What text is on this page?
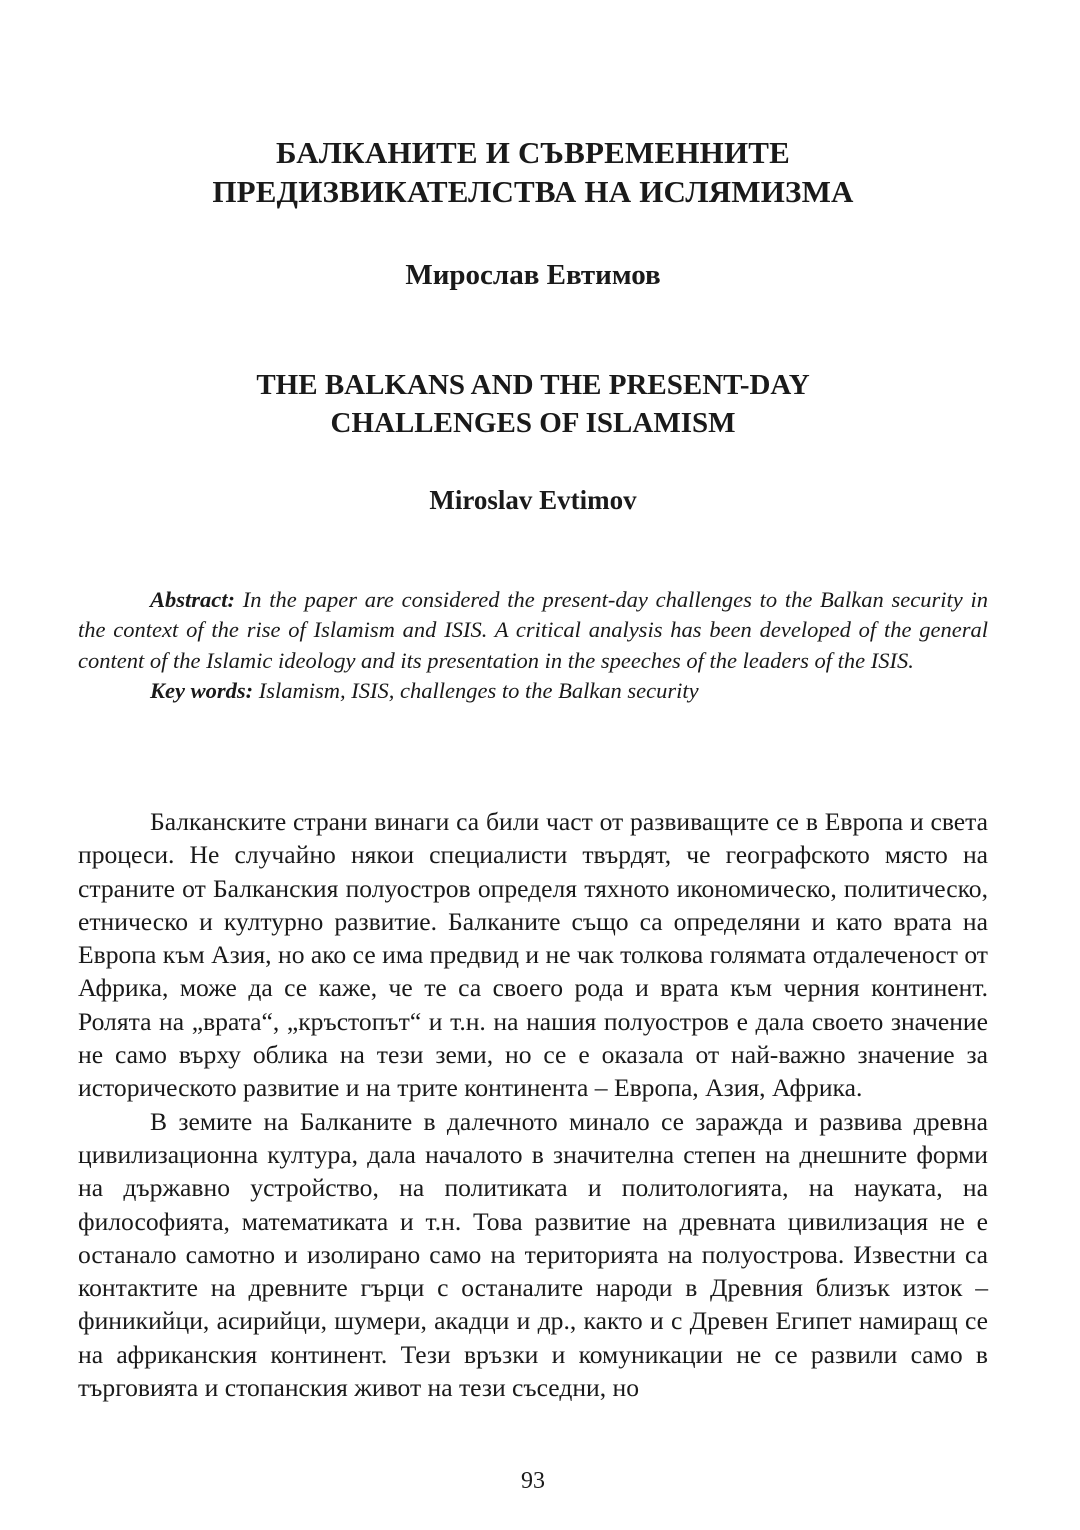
БАЛКАНИТЕ И СЪВРЕМЕННИТЕ
ПРЕДИЗВИКАТЕЛСТВА НА ИСЛЯМИЗМА
Мирослав Евтимов
THE BALKANS AND THE PRESENT-DAY
CHALLENGES OF ISLAMISM
Miroslav Evtimov

Abstract: In the paper are considered the present-day challenges to the Balkan security in the context of the rise of Islamism and ISIS. A critical analysis has been developed of the general content of the Islamic ideology and its presentation in the speeches of the leaders of the ISIS.

Key words: Islamism, ISIS, challenges to the Balkan security

Балканските страни винаги са били част от развиващите се в Европа и света процеси. Не случайно някои специалисти твърдят, че географското място на страните от Балканския полуостров определя тяхното икономическо, политическо, етническо и културно развитие. Балканите също са определяни и като врата на Европа към Азия, но ако се има предвид и не чак толкова голямата отдалеченост от Африка, може да се каже, че те са своего рода и врата към черния континент. Ролята на „врата“, „кръстопът“ и т.н. на нашия полуостров е дала своето значение не само върху облика на тези земи, но се е оказала от най-важно значение за историческото развитие и на трите континента – Европа, Азия, Африка.

В земите на Балканите в далечното минало се заражда и развива древна цивилизационна култура, дала началото в значителна степен на днешните форми на държавно устройство, на политиката и политологията, на науката, на философията, математиката и т.н. Това развитие на древната цивилизация не е останало самотно и изолирано само на територията на полуострова. Известни са контактите на древните гърци с останалите народи в Древния близък изток – финикийци, асирийци, шумери, акадци и др., както и с Древен Египет намиращ се на африканския континент. Тези връзки и комуникации не се развили само в търговията и стопанския живот на тези съседни, но

93
